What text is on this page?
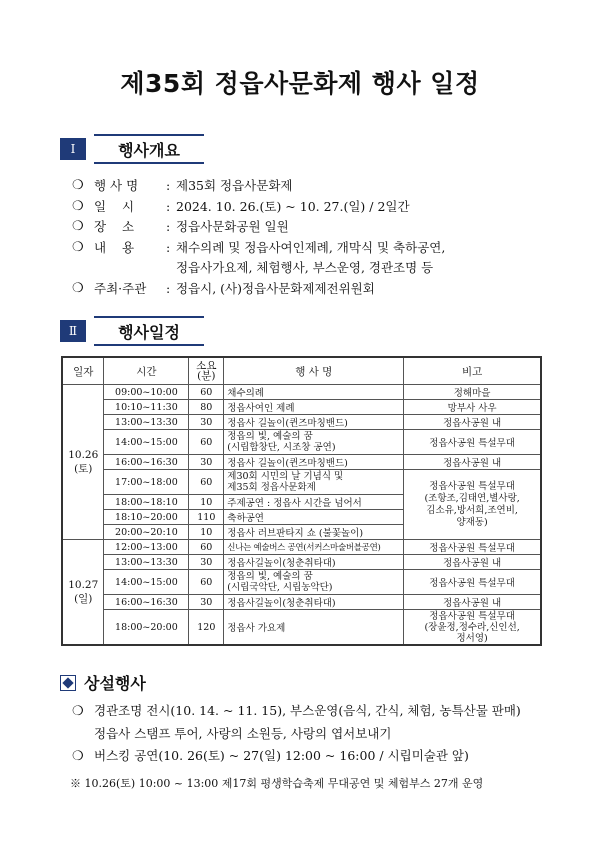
제35회 정읍사문화제 행사 일정
Ⅰ	행사개요
❍ 행 사 명	: 제35회 정읍사문화제
❍ 일    시	: 2024. 10. 26.(토) ~ 10. 27.(일) / 2일간
❍ 장    소	: 정읍사문화공원 일원
❍ 내    용	: 채수의례 및 정읍사여인제례, 개막식 및 축하공연,
정읍사가요제, 체험행사, 부스운영, 경관조명 등
❍ 주최·주관	: 정읍시, (사)정읍사문화제제전위원회
Ⅱ	행사일정
일자	시간	소요
(분)	행 사 명	비고
10.26
(토)	09:00~10:00	60	채수의례	정해마을
	10:10~11:30	80	정읍사여인 제례	망부사 사우
	13:00~13:30	30	정읍사 길놀이(퀸즈마칭밴드)	정읍사공원 내
	14:00~15:00	60	정읍의 빛, 예술의 꿈
(시립합창단, 시조창 공연)	정읍사공원 특설무대
	16:00~16:30	30	정읍사 길놀이(퀸즈마칭밴드)	정읍사공원 내
	17:00~18:00	60	제30회 시민의 날 기념식 및
제35회 정읍사문화제	정읍사공원 특설무대
(조항조,김태연,별사랑,
김소유,방서희,조연비,
양재동)
	18:00~18:10	10	주제공연 : 정읍사 시간을 넘어서	
	18:10~20:00	110	축하공연	
	20:00~20:10	10	정읍사 러브판타지 쇼 (불꽃놀이)	
10.27
(일)	12:00~13:00	60	신나는 예술버스 공연(서커스마술버블공연)	정읍사공원 특설무대
	13:00~13:30	30	정읍사길놀이(청춘취타대)	정읍사공원 내
	14:00~15:00	60	정읍의 빛, 예술의 꿈
(시립국악단, 시립농악단)	정읍사공원 특설무대
	16:00~16:30	30	정읍사길놀이(청춘취타대)	정읍사공원 내
	18:00~20:00	120	정읍사 가요제	정읍사공원 특설무대
(장윤정,정수라,신인선,
정서영)
상설행사
❍ 경관조명 전시(10. 14. ~ 11. 15), 부스운영(음식, 간식, 체험, 농특산물 판매)
정읍사 스탬프 투어, 사랑의 소원등, 사랑의 엽서보내기
❍ 버스킹 공연(10. 26(토) ~ 27(일) 12:00 ~ 16:00 / 시립미술관 앞)
※ 10.26(토) 10:00 ~ 13:00 제17회 평생학습축제 무대공연 및 체험부스 27개 운영
